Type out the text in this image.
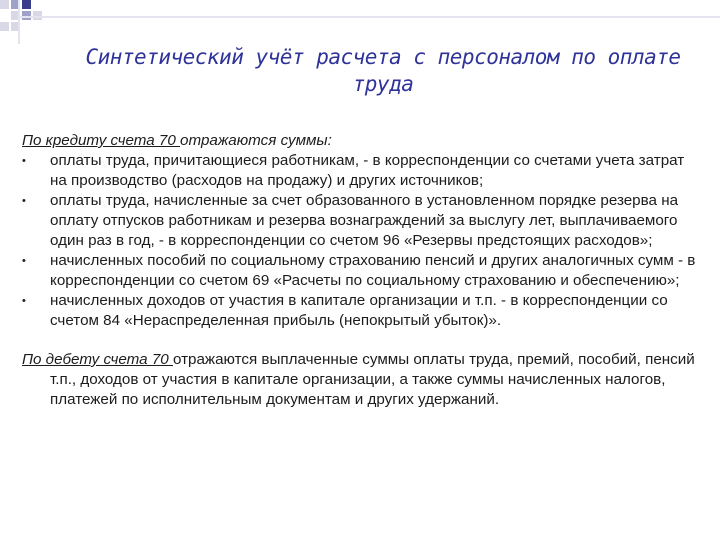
Синтетический учёт расчета с персоналом по оплате труда

По кредиту счета 70 отражаются суммы:

• оплаты труда, причитающиеся работникам, - в корреспонденции со счетами учета затрат на производство (расходов на продажу) и других источников;
• оплаты труда, начисленные за счет образованного в установленном порядке резерва на оплату отпусков работникам и резерва вознаграждений за выслугу лет, выплачиваемого один раз в год, - в корреспонденции со счетом 96 «Резервы предстоящих расходов»;
• начисленных пособий по социальному страхованию пенсий и других аналогичных сумм - в корреспонденции со счетом 69 «Расчеты по социальному страхованию и обеспечению»;
• начисленных доходов от участия в капитале организации и т.п. - в корреспонденции со счетом 84 «Нераспределенная прибыль (непокрытый убыток)».

По дебету счета 70 отражаются выплаченные суммы оплаты труда, премий, пособий, пенсий т.п., доходов от участия в капитале организации, а также суммы начисленных налогов, платежей по исполнительным документам и других удержаний.
